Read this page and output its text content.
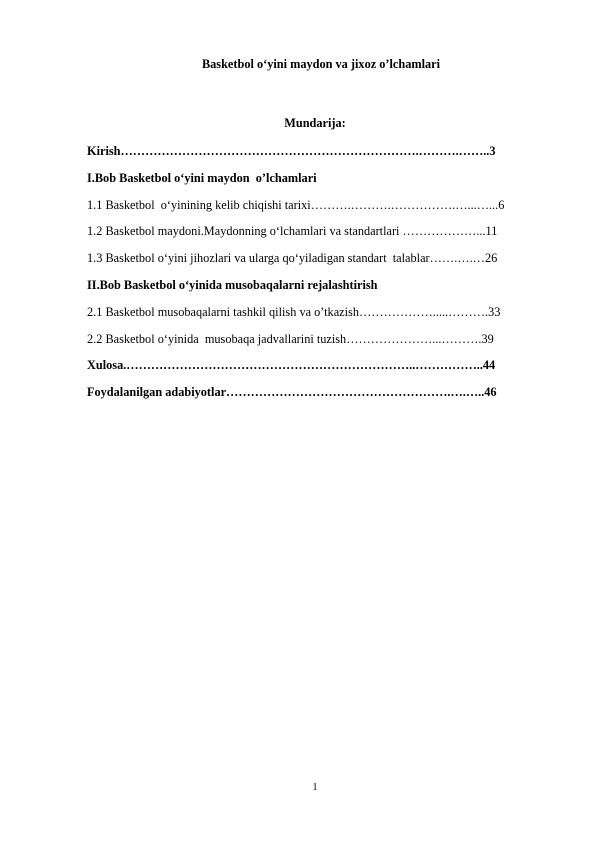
Basketbol o‘yini maydon va jixoz o’lchamlari
Mundarija:
Kirish……………………………………………………………….……….……..3
I.Bob Basketbol o‘yini maydon  o’lchamlari
1.1 Basketbol  o‘yinining kelib chiqishi tarixi……….……….…………….…...…...6
1.2 Basketbol maydoni.Maydonning o‘lchamlari va standartlari ………………...11
1.3 Basketbol o‘yini jihozlari va ularga qo‘yiladigan standart  talablar…….….…26
II.Bob Basketbol o‘yinida musobaqalarni rejalashtirish
2.1 Basketbol musobaqalarni tashkil qilish va o’tkazish……………….....……….33
2.2 Basketbol o‘yinida  musobaqa jadvallarini tuzish…………………...……….39
Xulosa.……………………………………………………………..……………..44
Foydalanilgan adabiyotlar……………………………………………….….…..46
1
